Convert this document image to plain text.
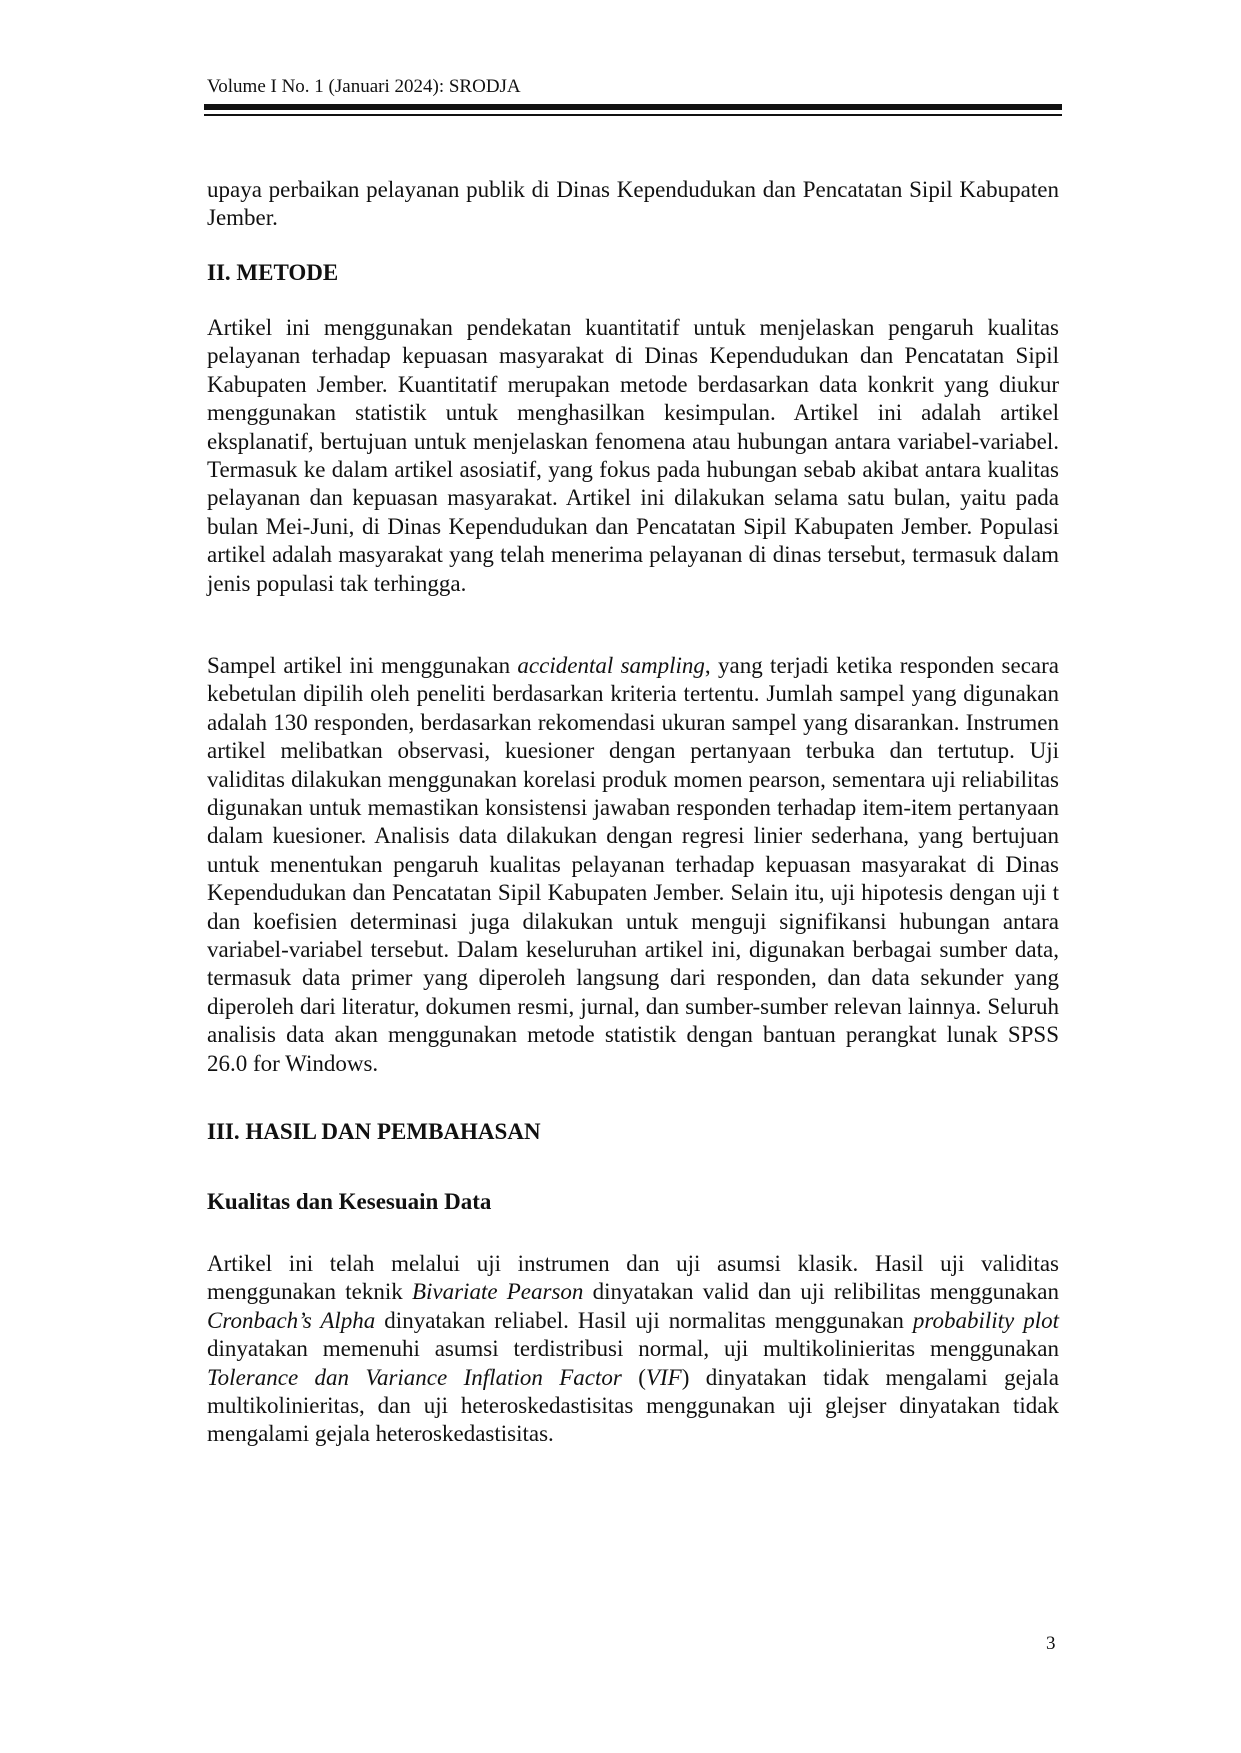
Volume I No. 1 (Januari 2024): SRODJA

upaya perbaikan pelayanan publik di Dinas Kependudukan dan Pencatatan Sipil Kabupaten Jember.

II. METODE

Artikel ini menggunakan pendekatan kuantitatif untuk menjelaskan pengaruh kualitas pelayanan terhadap kepuasan masyarakat di Dinas Kependudukan dan Pencatatan Sipil Kabupaten Jember. Kuantitatif merupakan metode berdasarkan data konkrit yang diukur menggunakan statistik untuk menghasilkan kesimpulan. Artikel ini adalah artikel eksplanatif, bertujuan untuk menjelaskan fenomena atau hubungan antara variabel-variabel. Termasuk ke dalam artikel asosiatif, yang fokus pada hubungan sebab akibat antara kualitas pelayanan dan kepuasan masyarakat. Artikel ini dilakukan selama satu bulan, yaitu pada bulan Mei-Juni, di Dinas Kependudukan dan Pencatatan Sipil Kabupaten Jember. Populasi artikel adalah masyarakat yang telah menerima pelayanan di dinas tersebut, termasuk dalam jenis populasi tak terhingga.

Sampel artikel ini menggunakan accidental sampling, yang terjadi ketika responden secara kebetulan dipilih oleh peneliti berdasarkan kriteria tertentu. Jumlah sampel yang digunakan adalah 130 responden, berdasarkan rekomendasi ukuran sampel yang disarankan. Instrumen artikel melibatkan observasi, kuesioner dengan pertanyaan terbuka dan tertutup. Uji validitas dilakukan menggunakan korelasi produk momen pearson, sementara uji reliabilitas digunakan untuk memastikan konsistensi jawaban responden terhadap item-item pertanyaan dalam kuesioner. Analisis data dilakukan dengan regresi linier sederhana, yang bertujuan untuk menentukan pengaruh kualitas pelayanan terhadap kepuasan masyarakat di Dinas Kependudukan dan Pencatatan Sipil Kabupaten Jember. Selain itu, uji hipotesis dengan uji t dan koefisien determinasi juga dilakukan untuk menguji signifikansi hubungan antara variabel-variabel tersebut. Dalam keseluruhan artikel ini, digunakan berbagai sumber data, termasuk data primer yang diperoleh langsung dari responden, dan data sekunder yang diperoleh dari literatur, dokumen resmi, jurnal, dan sumber-sumber relevan lainnya. Seluruh analisis data akan menggunakan metode statistik dengan bantuan perangkat lunak SPSS 26.0 for Windows.

III. HASIL DAN PEMBAHASAN
Kualitas dan Kesesuain Data

Artikel ini telah melalui uji instrumen dan uji asumsi klasik. Hasil uji validitas menggunakan teknik Bivariate Pearson dinyatakan valid dan uji relibilitas menggunakan Cronbach’s Alpha dinyatakan reliabel. Hasil uji normalitas menggunakan probability plot dinyatakan memenuhi asumsi terdistribusi normal, uji multikolinieritas menggunakan Tolerance dan Variance Inflation Factor (VIF) dinyatakan tidak mengalami gejala multikolinieritas, dan uji heteroskedastisitas menggunakan uji glejser dinyatakan tidak mengalami gejala heteroskedastisitas.

3
